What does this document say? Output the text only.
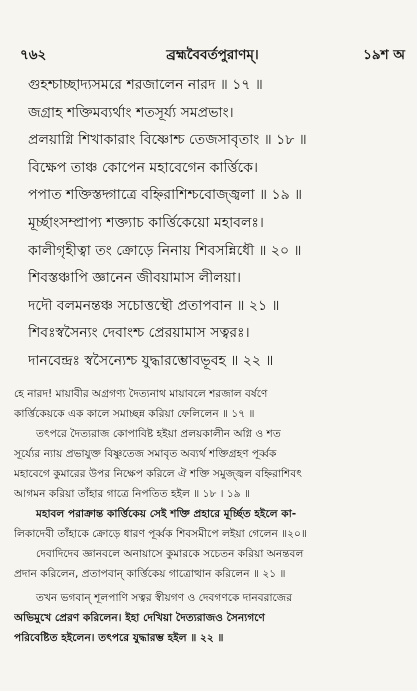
৭৬২	ব্রহ্মবৈবর্তপুরাণম্।	১৯শ অ
গুহশ্চাচ্ছাদ্যসমরে শরজালেন নারদ ॥ ১৭ ॥
জগ্রাহ শক্তিমব্যর্থাং শতসূর্য্য সমপ্রভাং।
প্রলয়াগ্নি শিখাকারাং বিষ্ণোশ্চ তেজসাবৃতাং ॥ ১৮ ॥
বিক্ষেপ তাঞ্চ কোপেন মহাবেগেন কার্ত্তিকে।
পপাত শক্তিস্তদ্গাত্রে বহ্নিরাশিশ্চবোজ্জ্বলা ॥ ১৯ ॥
মূর্চ্ছাংসম্প্রাপ্য শক্ত্যাচ কার্ত্তিকেয়ো মহাবলঃ।
কালীগৃহীত্বা তং ক্রোড়ে নিনায় শিবসন্নিধৌ ॥ ২০ ॥
শিবস্তঞ্চাপি জ্ঞানেন জীবয়ামাস লীলয়া।
দদৌ বলমনন্তঞ্চ সচোত্তস্থৌ প্রতাপবান ॥ ২১ ॥
শিবঃস্বসৈন্যং দেবাংশ্চ প্রেরয়ামাস সত্বরঃ।
দানবেন্দ্রঃ স্বসৈন্যেশ্চ যুদ্ধারম্ভোবভূবহ ॥ ২২ ॥
হে নারদ! মায়াবীর অগ্রগণ্য দৈত্যনাথ মায়াবলে শরজাল বর্ষণে
কার্ত্তিকেয়কে এক কালে সমাচ্ছন্ন করিয়া ফেলিলেন ॥ ১৭ ॥
তৎপরে দৈত্যরাজ কোপাবিষ্ট হইয়া প্রলয়কালীন অগ্নি ও শত
সূর্য্যের ন্যায় প্রভাযুক্ত বিষ্ণুতেজ সমাবৃত অব্যর্থ শক্তিগ্রহণ পূর্ব্বক
মহাবেগে কুমারের উপর নিক্ষেপ করিলে ঐ শক্তি সমুজ্জ্বল বহ্নিরাশিবৎ
আগমন করিয়া তাঁহার গাত্রে নিপতিত হইল ॥ ১৮ । ১৯ ॥
মহাবল পরাক্রান্ত কার্ত্তিকেয় সেই শক্তি প্রহারে মূর্চ্ছিত হইলে কা-
লিকাদেবী তাঁহাকে ক্রোড়ে ধারণ পূর্ব্বক শিবসমীপে লইয়া গেলেন ॥২০॥
দেবাদিদেব জ্ঞানবলে অনায়াসে কুমারকে সচেতন করিয়া অনন্তবল
প্রদান করিলেন, প্রতাপবান্ কার্ত্তিকেয় গাত্রোত্থান করিলেন ॥ ২১ ॥
তখন ভগবান্ শূলপাণি সত্বর স্বীয়গণ ও দেবগণকে দানবরাজের
অভিমুখে প্রেরণ করিলেন। ইহা দেখিয়া দৈত্যরাজও সৈন্যগণে
পরিবেষ্টিত হইলেন। তৎপরে যুদ্ধারম্ভ হইল ॥ ২২ ॥
